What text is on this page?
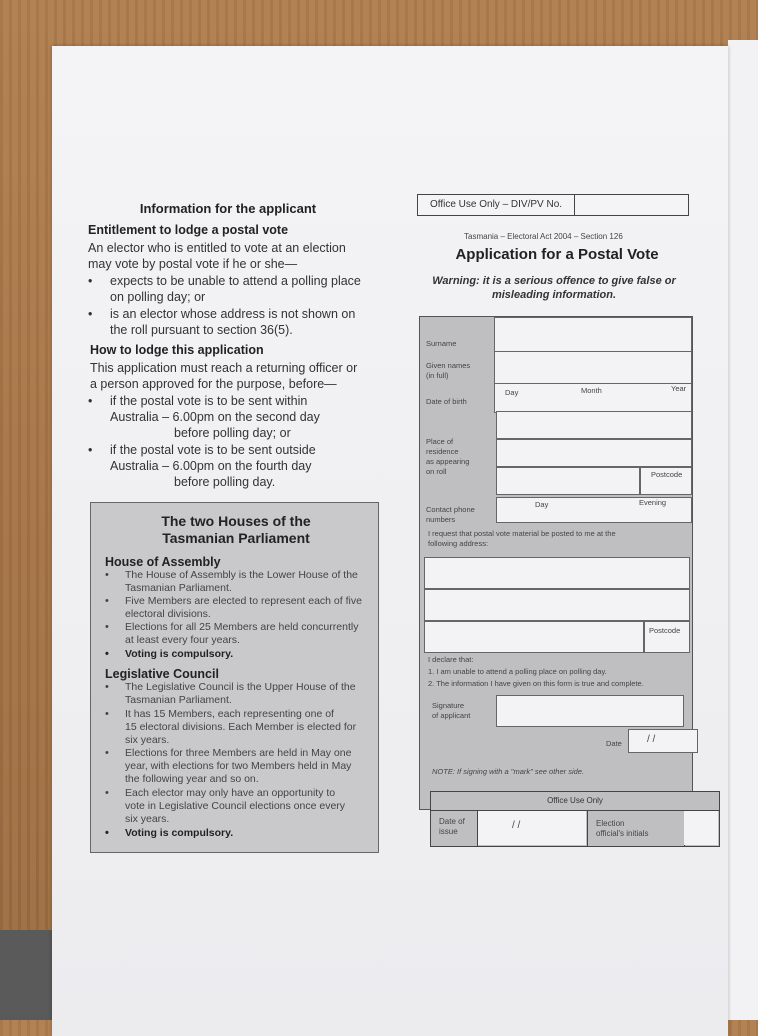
Information for the applicant
Entitlement to lodge a postal vote
An elector who is entitled to vote at an election
may vote by postal vote if he or she—
• expects to be unable to attend a polling place
on polling day; or
• is an elector whose address is not shown on
the roll pursuant to section 36(5).
How to lodge this application
This application must reach a returning officer or
a person approved for the purpose, before—
• if the postal vote is to be sent within
Australia – 6.00pm on the second day
before polling day; or
• if the postal vote is to be sent outside
Australia – 6.00pm on the fourth day
before polling day.
The two Houses of the
Tasmanian Parliament
House of Assembly
• The House of Assembly is the Lower House of the
Tasmanian Parliament.
• Five Members are elected to represent each of five
electoral divisions.
• Elections for all 25 Members are held concurrently
at least every four years.
• Voting is compulsory.
Legislative Council
• The Legislative Council is the Upper House of the
Tasmanian Parliament.
• It has 15 Members, each representing one of
15 electoral divisions. Each Member is elected for
six years.
• Elections for three Members are held in May one
year, with elections for two Members held in May
the following year and so on.
• Each elector may only have an opportunity to
vote in Legislative Council elections once every
six years.
• Voting is compulsory.
Office Use Only – DIV/PV No.
Tasmania – Electoral Act 2004 – Section 126
Application for a Postal Vote
Warning: it is a serious offence to give false or
misleading information.
Surname
Given names
(in full)
Date of birth
Day	Month	Year
Place of
residence
as appearing
on roll	Postcode
Contact phone
numbers
Day	Evening
I request that postal vote material be posted to me at the
following address:
Postcode
I declare that:
1. I am unable to attend a polling place on polling day.
2. The information I have given on this form is true and complete.
Signature
of applicant
Date	/ /
NOTE: If signing with a "mark" see other side.
Office Use Only
Date of
issue
/ /	Election
official's initials
